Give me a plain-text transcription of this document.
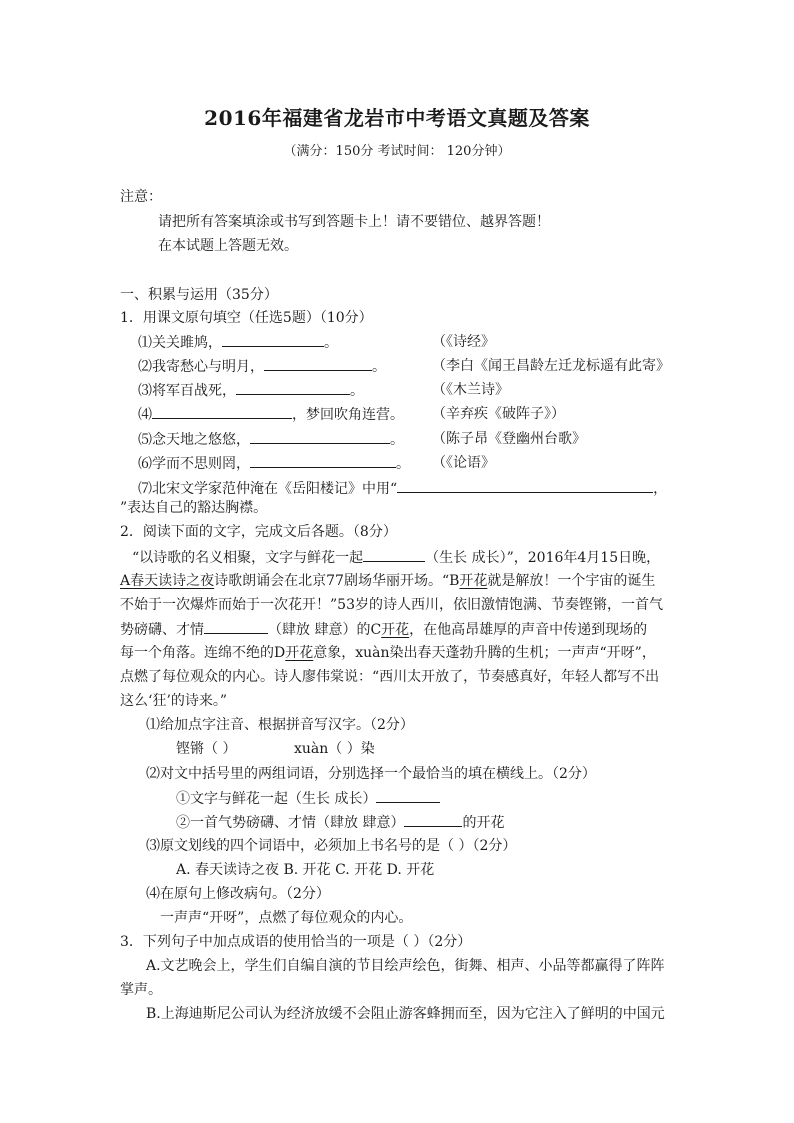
2016年福建省龙岩市中考语文真题及答案
（满分：150分 考试时间： 120分钟）
注意：
请把所有答案填涂或书写到答题卡上！请不要错位、越界答题！
在本试题上答题无效。
一、积累与运用（35分）
1．用课文原句填空（任选5题）（10分）
⑴关关雎鸠，	。	（《诗经》
⑵我寄愁心与明月，	。	（李白《闻王昌龄左迁龙标遥有此寄》
⑶将军百战死，	。	（《木兰诗》
⑷	，梦回吹角连营。 （辛弃疾《破阵子》）
⑸念天地之悠悠，	。 （陈子昂《登幽州台歌》
⑹学而不思则罔，	。 （《论语》
⑺北宋文学家范仲淹在《岳阳楼记》中用“	，
”表达自己的豁达胸襟。
2．阅读下面的文字，完成文后各题。（8分）
“以诗歌的名义相聚，文字与鲜花一起	（生长 成长）”，2016年4月15日晚，
A春天读诗之夜诗歌朗诵会在北京77剧场华丽开场。“B开花就是解放！一个宇宙的诞生
不始于一次爆炸而始于一次花开！”53岁的诗人西川，依旧激情饱满、节奏铿锵，一首气
势磅礴、才情	（肆放 肆意）的C开花，在他高昂雄厚的声音中传递到现场的
每一个角落。连绵不绝的D开花意象，xuàn染出春天蓬勃升腾的生机；一声声“开呀”，
点燃了每位观众的内心。诗人廖伟棠说：“西川太开放了，节奏感真好，年轻人都写不出
这么‘狂’的诗来。”
⑴给加点字注音、根据拼音写汉字。（2分）
铿锵（ ）	xuàn（ ）染
⑵对文中括号里的两组词语，分别选择一个最恰当的填在横线上。（2分）
①文字与鲜花一起（生长 成长）
②一首气势磅礴、才情（肆放 肆意）	的开花
⑶原文划线的四个词语中，必须加上书名号的是（ ）（2分）
A. 春天读诗之夜 B. 开花 C. 开花 D. 开花
⑷在原句上修改病句。（2分）
一声声“开呀”，点燃了每位观众的内心。
3．下列句子中加点成语的使用恰当的一项是（ ）（2分）
A.文艺晚会上，学生们自编自演的节目绘声绘色，街舞、相声、小品等都赢得了阵阵
掌声。
B.上海迪斯尼公司认为经济放缓不会阻止游客蜂拥而至，因为它注入了鲜明的中国元
